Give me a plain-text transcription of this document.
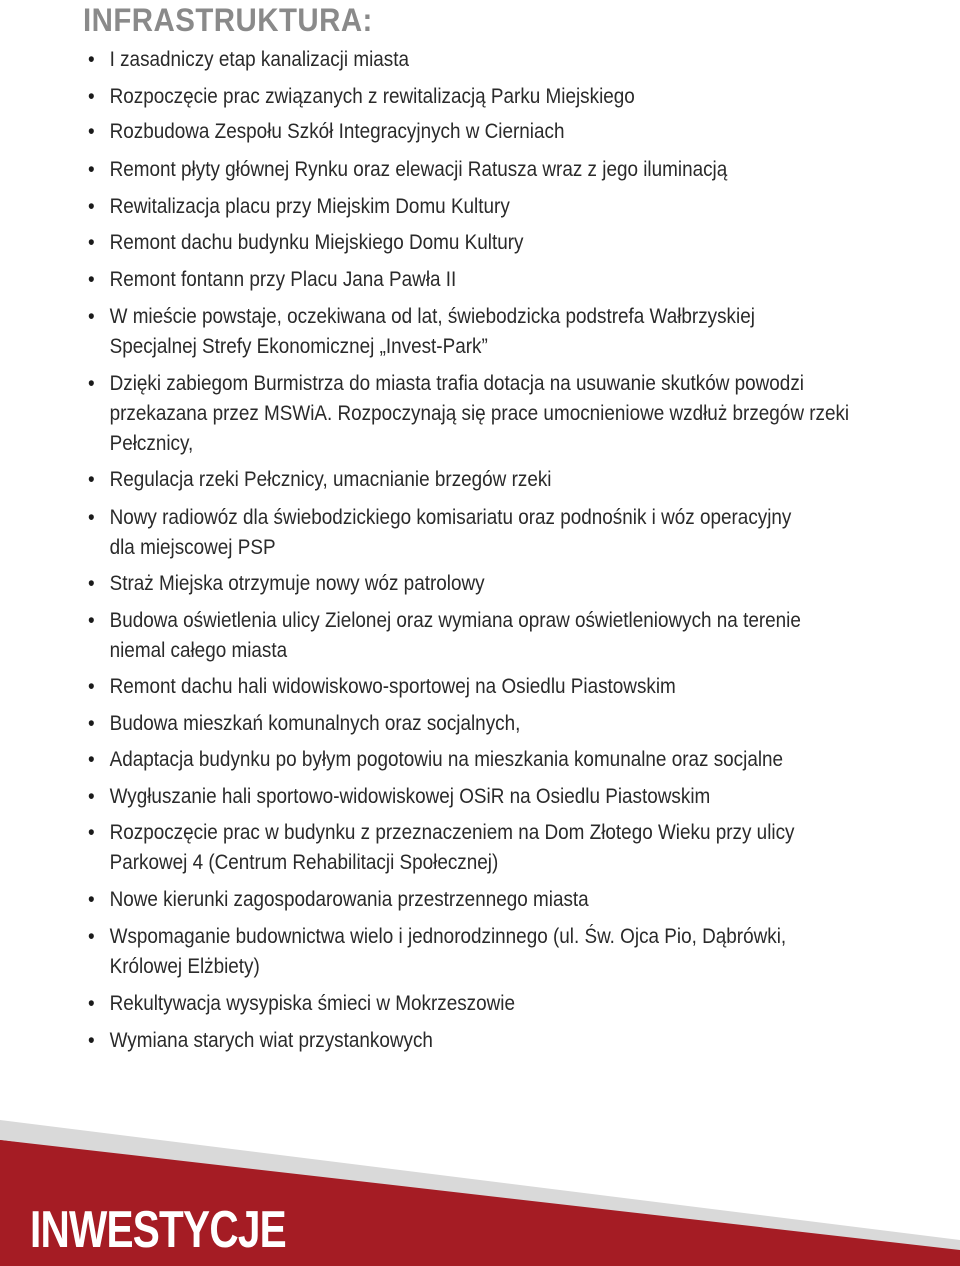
INFRASTRUKTURA:
• I zasadniczy etap kanalizacji miasta
• Rozpoczęcie prac związanych z rewitalizacją Parku Miejskiego
• Rozbudowa Zespołu Szkół Integracyjnych w Cierniach
• Remont płyty głównej Rynku oraz elewacji Ratusza wraz z jego iluminacją
• Rewitalizacja placu przy Miejskim Domu Kultury
• Remont dachu budynku Miejskiego Domu Kultury
• Remont fontann przy Placu Jana Pawła II
• W mieście powstaje, oczekiwana od lat, świebodzicka podstrefa Wałbrzyskiej
Specjalnej Strefy Ekonomicznej „Invest-Park”
• Dzięki zabiegom Burmistrza do miasta trafia dotacja na usuwanie skutków powodzi
przekazana przez MSWiA. Rozpoczynają się prace umocnieniowe wzdłuż brzegów rzeki
Pełcznicy,
• Regulacja rzeki Pełcznicy, umacnianie brzegów rzeki
• Nowy radiowóz dla świebodzickiego komisariatu oraz podnośnik i wóz operacyjny
dla miejscowej PSP
• Straż Miejska otrzymuje nowy wóz patrolowy
• Budowa oświetlenia ulicy Zielonej oraz wymiana opraw oświetleniowych na terenie
niemal całego miasta
• Remont dachu hali widowiskowo-sportowej na Osiedlu Piastowskim
• Budowa mieszkań komunalnych oraz socjalnych,
• Adaptacja budynku po byłym pogotowiu na mieszkania komunalne oraz socjalne
• Wygłuszanie hali sportowo-widowiskowej OSiR na Osiedlu Piastowskim
• Rozpoczęcie prac w budynku z przeznaczeniem na Dom Złotego Wieku przy ulicy
Parkowej 4 (Centrum Rehabilitacji Społecznej)
• Nowe kierunki zagospodarowania przestrzennego miasta
• Wspomaganie budownictwa wielo i jednorodzinnego (ul. Św. Ojca Pio, Dąbrówki,
Królowej Elżbiety)
• Rekultywacja wysypiska śmieci w Mokrzeszowie
• Wymiana starych wiat przystankowych
INWESTYCJE
